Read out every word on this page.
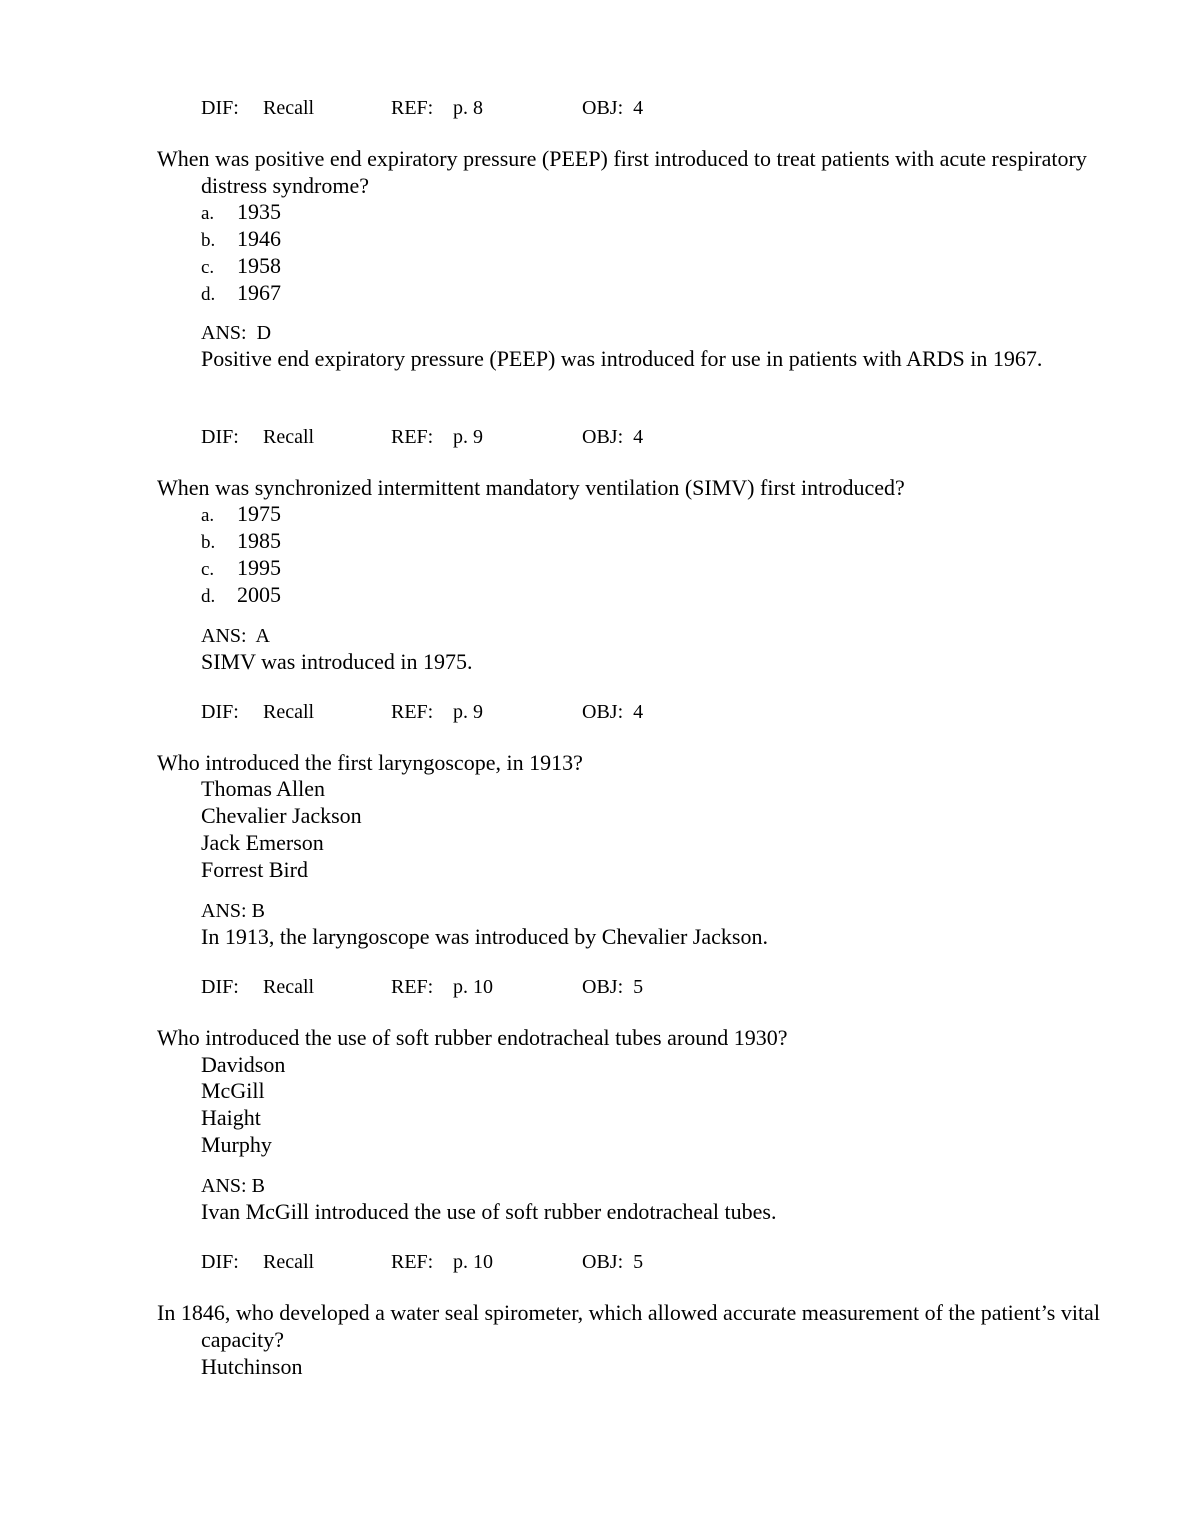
DIF: Recall	REF: p. 8	OBJ:  4
When was positive end expiratory pressure (PEEP) first introduced to treat patients with acute respiratory distress syndrome?
a. 1935
b. 1946
c. 1958
d. 1967
ANS:  D
Positive end expiratory pressure (PEEP) was introduced for use in patients with ARDS in 1967.
DIF: Recall	REF: p. 9	OBJ:  4
When was synchronized intermittent mandatory ventilation (SIMV) first introduced?
a. 1975
b. 1985
c. 1995
d. 2005
ANS:  A
SIMV was introduced in 1975.
DIF: Recall	REF: p. 9	OBJ:  4
Who introduced the first laryngoscope, in 1913?
Thomas Allen
Chevalier Jackson
Jack Emerson
Forrest Bird
ANS: B
In 1913, the laryngoscope was introduced by Chevalier Jackson.
DIF: Recall	REF: p. 10	OBJ:  5
Who introduced the use of soft rubber endotracheal tubes around 1930?
Davidson
McGill
Haight
Murphy
ANS: B
Ivan McGill introduced the use of soft rubber endotracheal tubes.
DIF: Recall	REF: p. 10	OBJ:  5
In 1846, who developed a water seal spirometer, which allowed accurate measurement of the patient’s vital capacity?
Hutchinson
